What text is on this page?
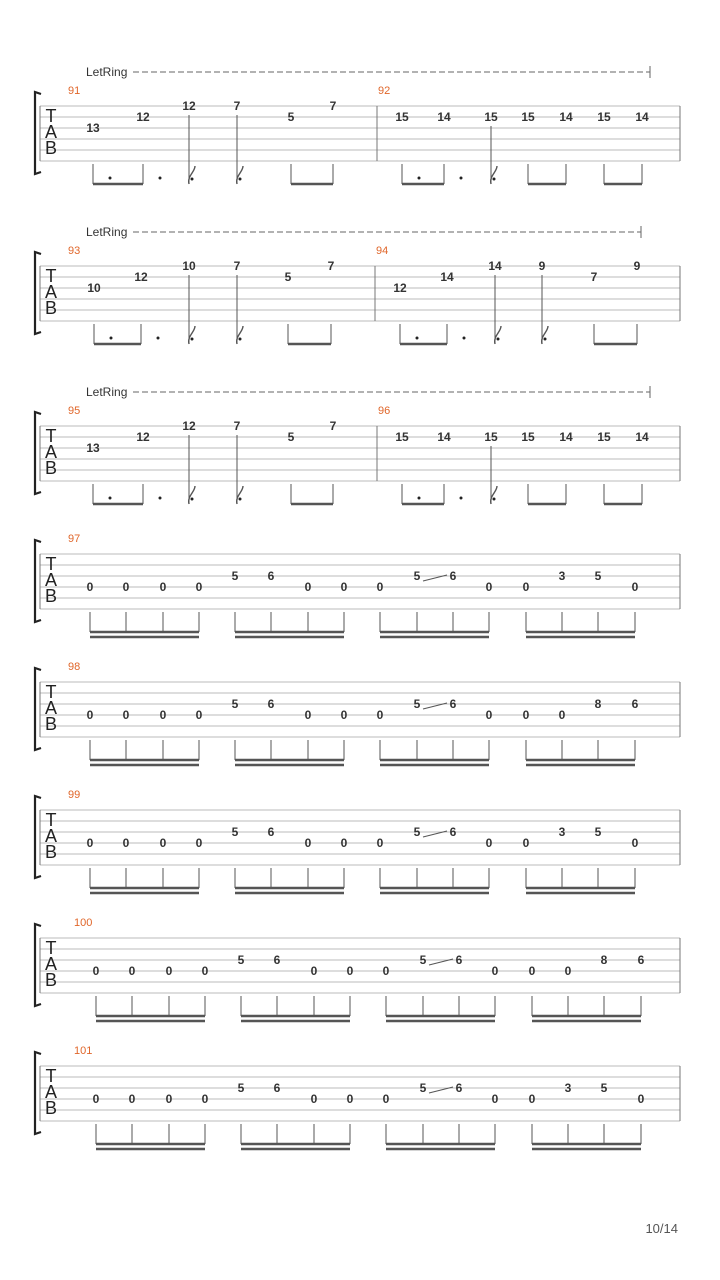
T
A
B
LetRing
91
13
12
12	7
5
7
92
15 14	15 15 14 15 14
T
A
B
LetRing
93
10
12
10	7
5
7
94
12
14
14	9
7
9
T
A
B
LetRing
95
13
12
12	7
5
7
96
15 14	15 15 14 15 14
T
A
B
97
0 0	0 0
5 6
0 0 0
5 6
0	0
3 5
0
T
A
B
98
0 0	0 0
5 6
0 0 0
5 6
0	0 0
8	6
T
A
B
99
0 0	0 0
5 6
0 0 0
5 6
0	0
3 5
0
T
A
B
100
0 0	0 0
5 6
0 0 0
5 6
0	0 0
8	6
T
A
B
101
0 0	0 0
5 6
0 0 0
5 6
0	0
3 5
0
10/14
